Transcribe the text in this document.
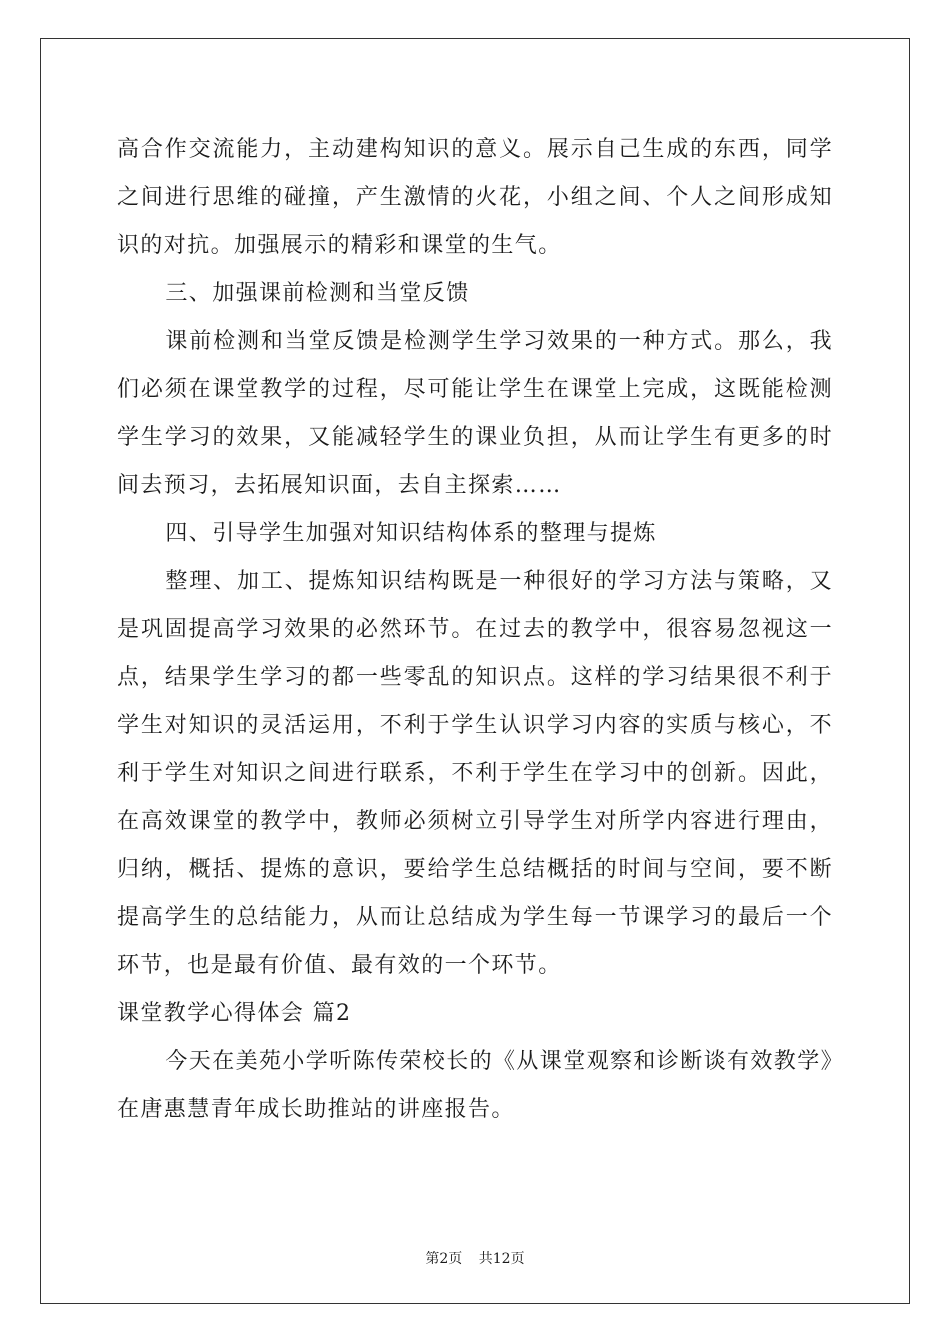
高合作交流能力，主动建构知识的意义。展示自己生成的东西，同学之间进行思维的碰撞，产生激情的火花，小组之间、个人之间形成知识的对抗。加强展示的精彩和课堂的生气。

三、加强课前检测和当堂反馈

课前检测和当堂反馈是检测学生学习效果的一种方式。那么，我们必须在课堂教学的过程，尽可能让学生在课堂上完成，这既能检测学生学习的效果，又能减轻学生的课业负担，从而让学生有更多的时间去预习，去拓展知识面，去自主探索……

四、引导学生加强对知识结构体系的整理与提炼

整理、加工、提炼知识结构既是一种很好的学习方法与策略，又是巩固提高学习效果的必然环节。在过去的教学中，很容易忽视这一点，结果学生学习的都一些零乱的知识点。这样的学习结果很不利于学生对知识的灵活运用，不利于学生认识学习内容的实质与核心，不利于学生对知识之间进行联系，不利于学生在学习中的创新。因此，在高效课堂的教学中，教师必须树立引导学生对所学内容进行理由，归纳，概括、提炼的意识，要给学生总结概括的时间与空间，要不断提高学生的总结能力，从而让总结成为学生每一节课学习的最后一个环节，也是最有价值、最有效的一个环节。

课堂教学心得体会 篇2

今天在美苑小学听陈传荣校长的《从课堂观察和诊断谈有效教学》在唐惠慧青年成长助推站的讲座报告。

第2页 共12页
